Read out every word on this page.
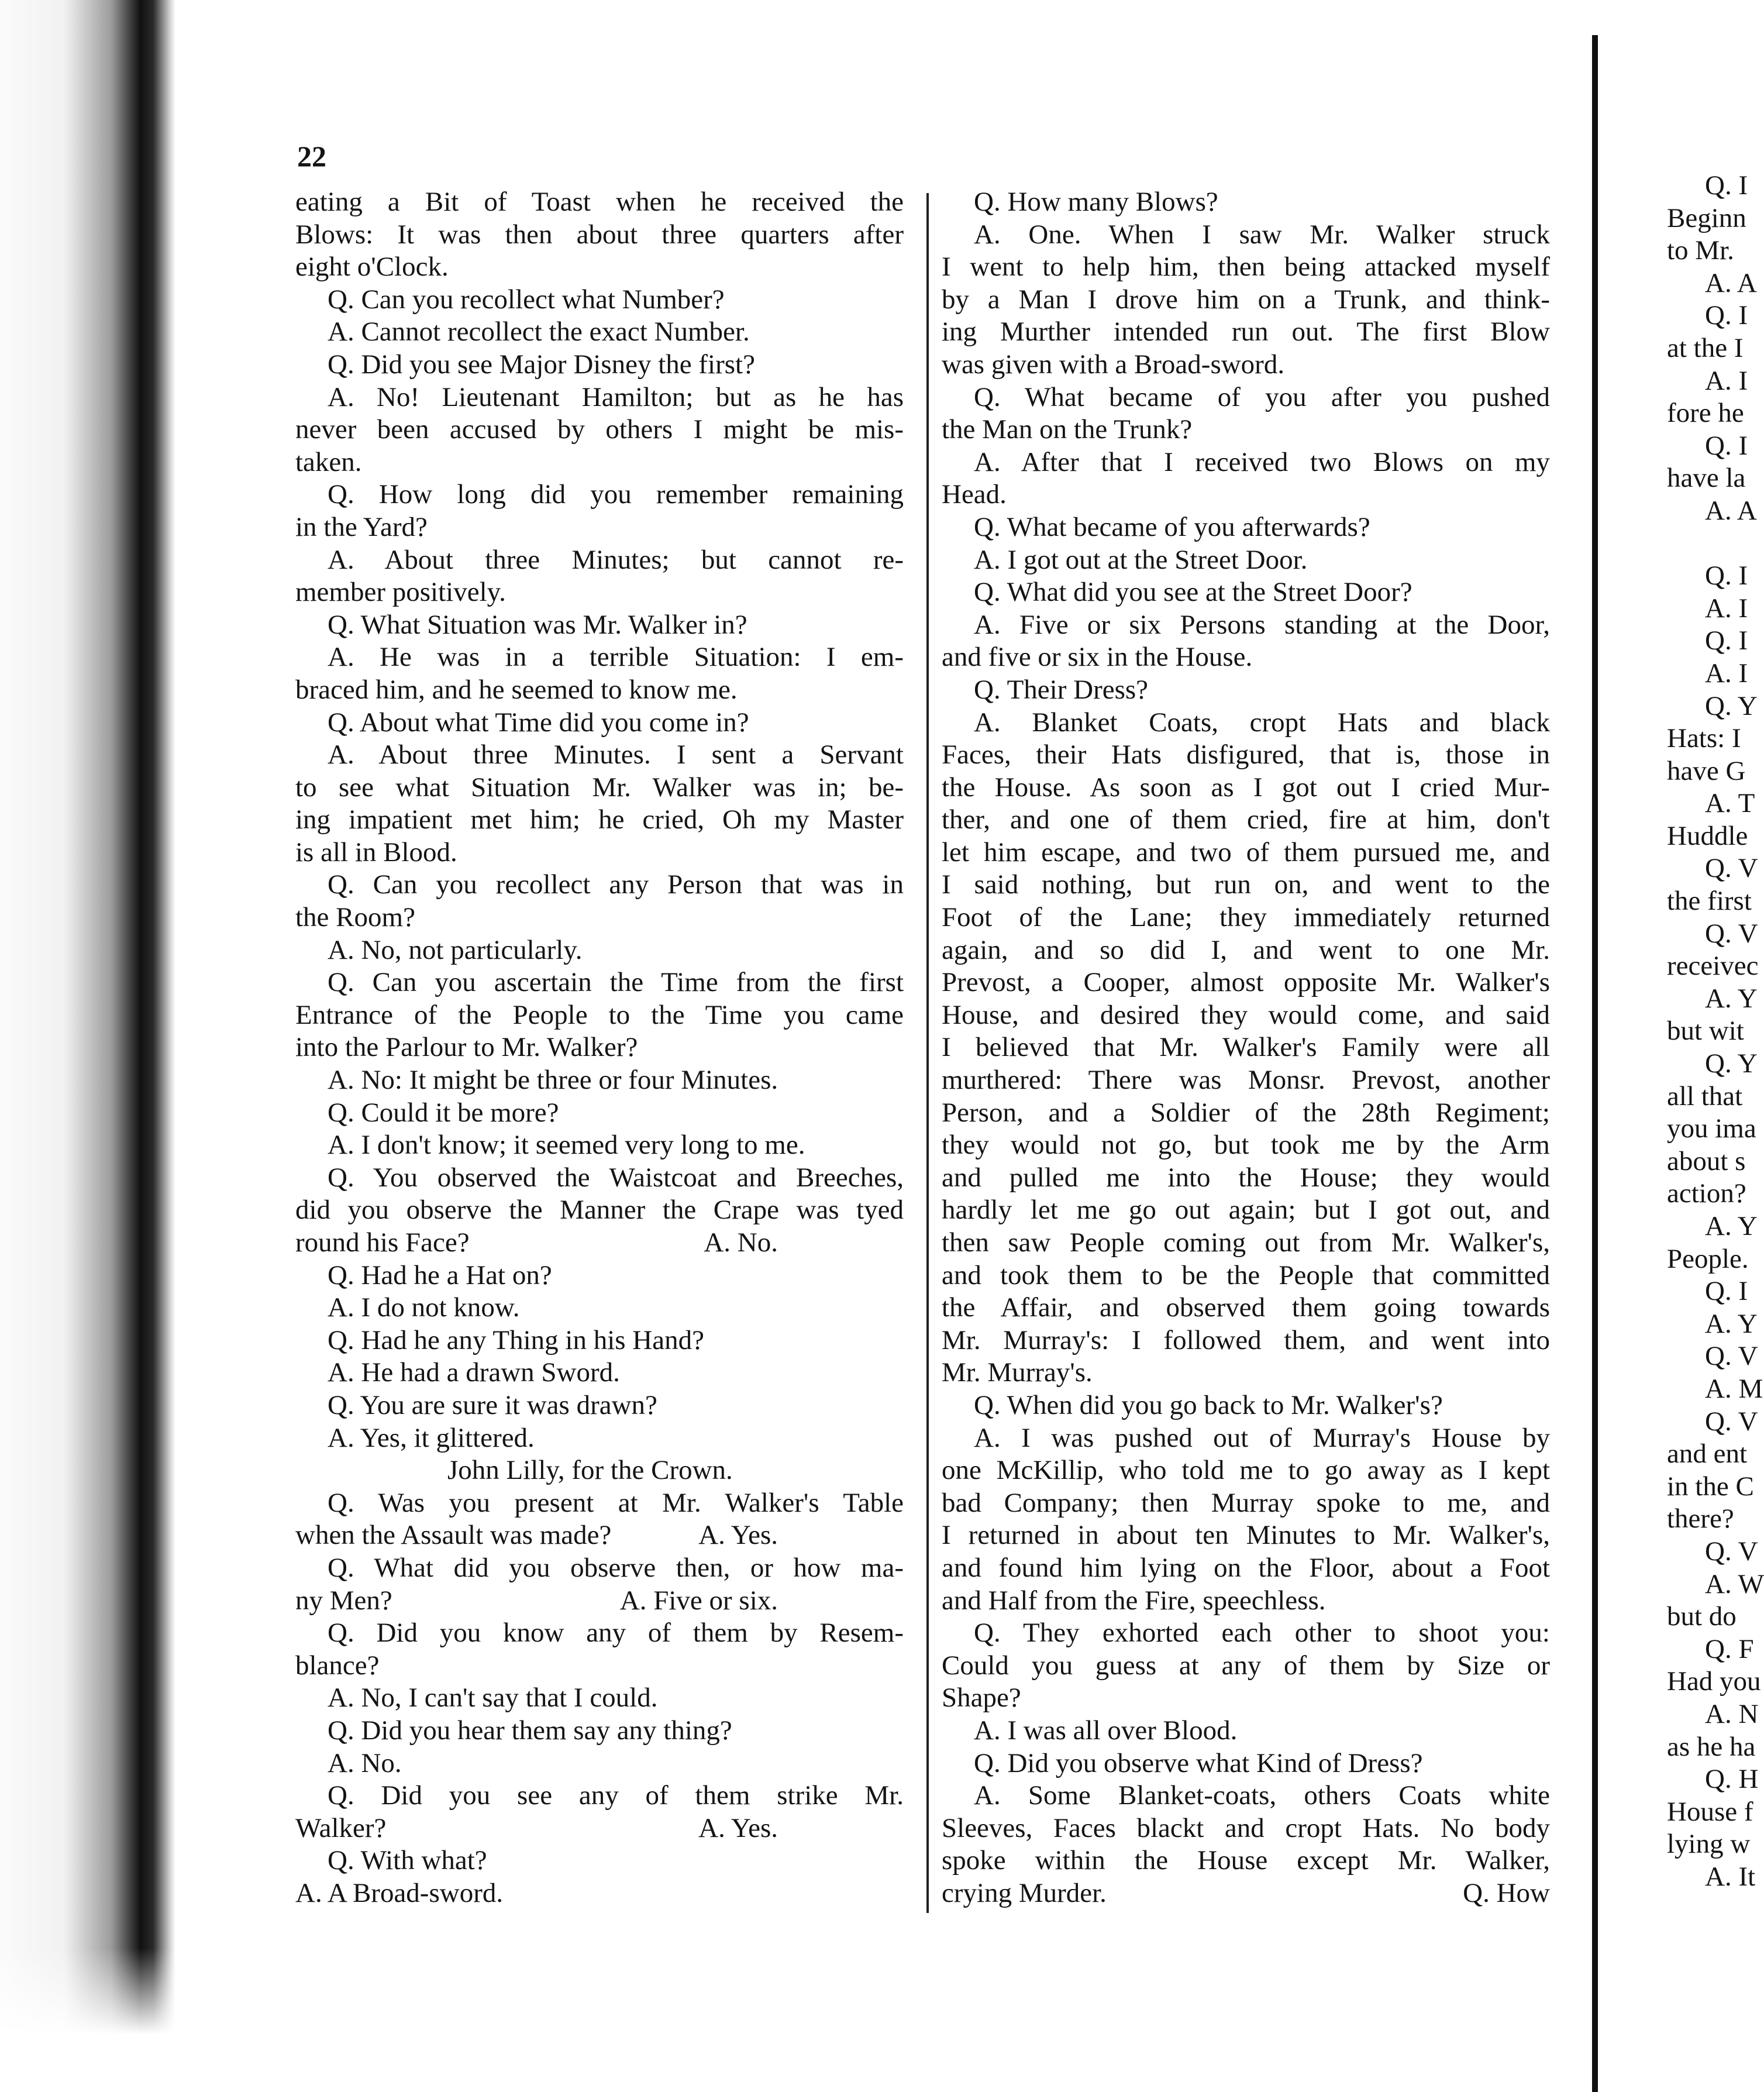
22
eating a Bit of Toast when he received the
Blows: It was then about three quarters after
eight o'Clock.
Q. Can you recollect what Number?
A. Cannot recollect the exact Number.
Q. Did you see Major Disney the first?
A. No! Lieutenant Hamilton; but as he has
never been accused by others I might be mis-
taken.
Q. How long did you remember remaining
in the Yard?
A. About three Minutes; but cannot re-
member positively.
Q. What Situation was Mr. Walker in?
A. He was in a terrible Situation: I em-
braced him, and he seemed to know me.
Q. About what Time did you come in?
A. About three Minutes. I sent a Servant
to see what Situation Mr. Walker was in; be-
ing impatient met him; he cried, Oh my Master
is all in Blood.
Q. Can you recollect any Person that was in
the Room?
A. No, not particularly.
Q. Can you ascertain the Time from the first
Entrance of the People to the Time you came
into the Parlour to Mr. Walker?
A. No: It might be three or four Minutes.
Q. Could it be more?
A. I don't know; it seemed very long to me.
Q. You observed the Waistcoat and Breeches,
did you observe the Manner the Crape was tyed
round his Face?	A. No.
Q. Had he a Hat on?
A. I do not know.
Q. Had he any Thing in his Hand?
A. He had a drawn Sword.
Q. You are sure it was drawn?
A. Yes, it glittered.
John Lilly, for the Crown.
Q. Was you present at Mr. Walker's Table
when the Assault was made?	A. Yes.
Q. What did you observe then, or how ma-
ny Men?	A. Five or six.
Q. Did you know any of them by Resem-
blance?
A. No, I can't say that I could.
Q. Did you hear them say any thing?
A. No.
Q. Did you see any of them strike Mr.
Walker?	A. Yes.
Q. With what?
A. A Broad-sword.
Q. How many Blows?
A. One. When I saw Mr. Walker struck
I went to help him, then being attacked myself
by a Man I drove him on a Trunk, and think-
ing Murther intended run out. The first Blow
was given with a Broad-sword.
Q. What became of you after you pushed
the Man on the Trunk?
A. After that I received two Blows on my
Head.
Q. What became of you afterwards?
A. I got out at the Street Door.
Q. What did you see at the Street Door?
A. Five or six Persons standing at the Door,
and five or six in the House.
Q. Their Dress?
A. Blanket Coats, cropt Hats and black
Faces, their Hats disfigured, that is, those in
the House. As soon as I got out I cried Mur-
ther, and one of them cried, fire at him, don't
let him escape, and two of them pursued me, and
I said nothing, but run on, and went to the
Foot of the Lane; they immediately returned
again, and so did I, and went to one Mr.
Prevost, a Cooper, almost opposite Mr. Walker's
House, and desired they would come, and said
I believed that Mr. Walker's Family were all
murthered: There was Monsr. Prevost, another
Person, and a Soldier of the 28th Regiment;
they would not go, but took me by the Arm
and pulled me into the House; they would
hardly let me go out again; but I got out, and
then saw People coming out from Mr. Walker's,
and took them to be the People that committed
the Affair, and observed them going towards
Mr. Murray's: I followed them, and went into
Mr. Murray's.
Q. When did you go back to Mr. Walker's?
A. I was pushed out of Murray's House by
one McKillip, who told me to go away as I kept
bad Company; then Murray spoke to me, and
I returned in about ten Minutes to Mr. Walker's,
and found him lying on the Floor, about a Foot
and Half from the Fire, speechless.
Q. They exhorted each other to shoot you:
Could you guess at any of them by Size or
Shape?
A. I was all over Blood.
Q. Did you observe what Kind of Dress?
A. Some Blanket-coats, others Coats white
Sleeves, Faces blackt and cropt Hats. No body
spoke within the House except Mr. Walker,
crying Murder.	Q. How
Q. I
Beginn
to Mr.
A. A
Q. I
at the I
A. I
fore he
Q. I
have la
A. A
Q. I
A. I
Q. I
A. I
Q. Y
Hats: I
have G
A. T
Huddle
Q. V
the first
Q. V
receivec
A. Y
but wit
Q. Y
all that
you ima
about s
action?
A. Y
People.
Q. I
A. Y
Q. V
A. M
Q. V
and ent
in the C
there?
Q. V
A. W
but do
Q. F
Had you
A. N
as he ha
Q. H
House f
lying w
A. It
